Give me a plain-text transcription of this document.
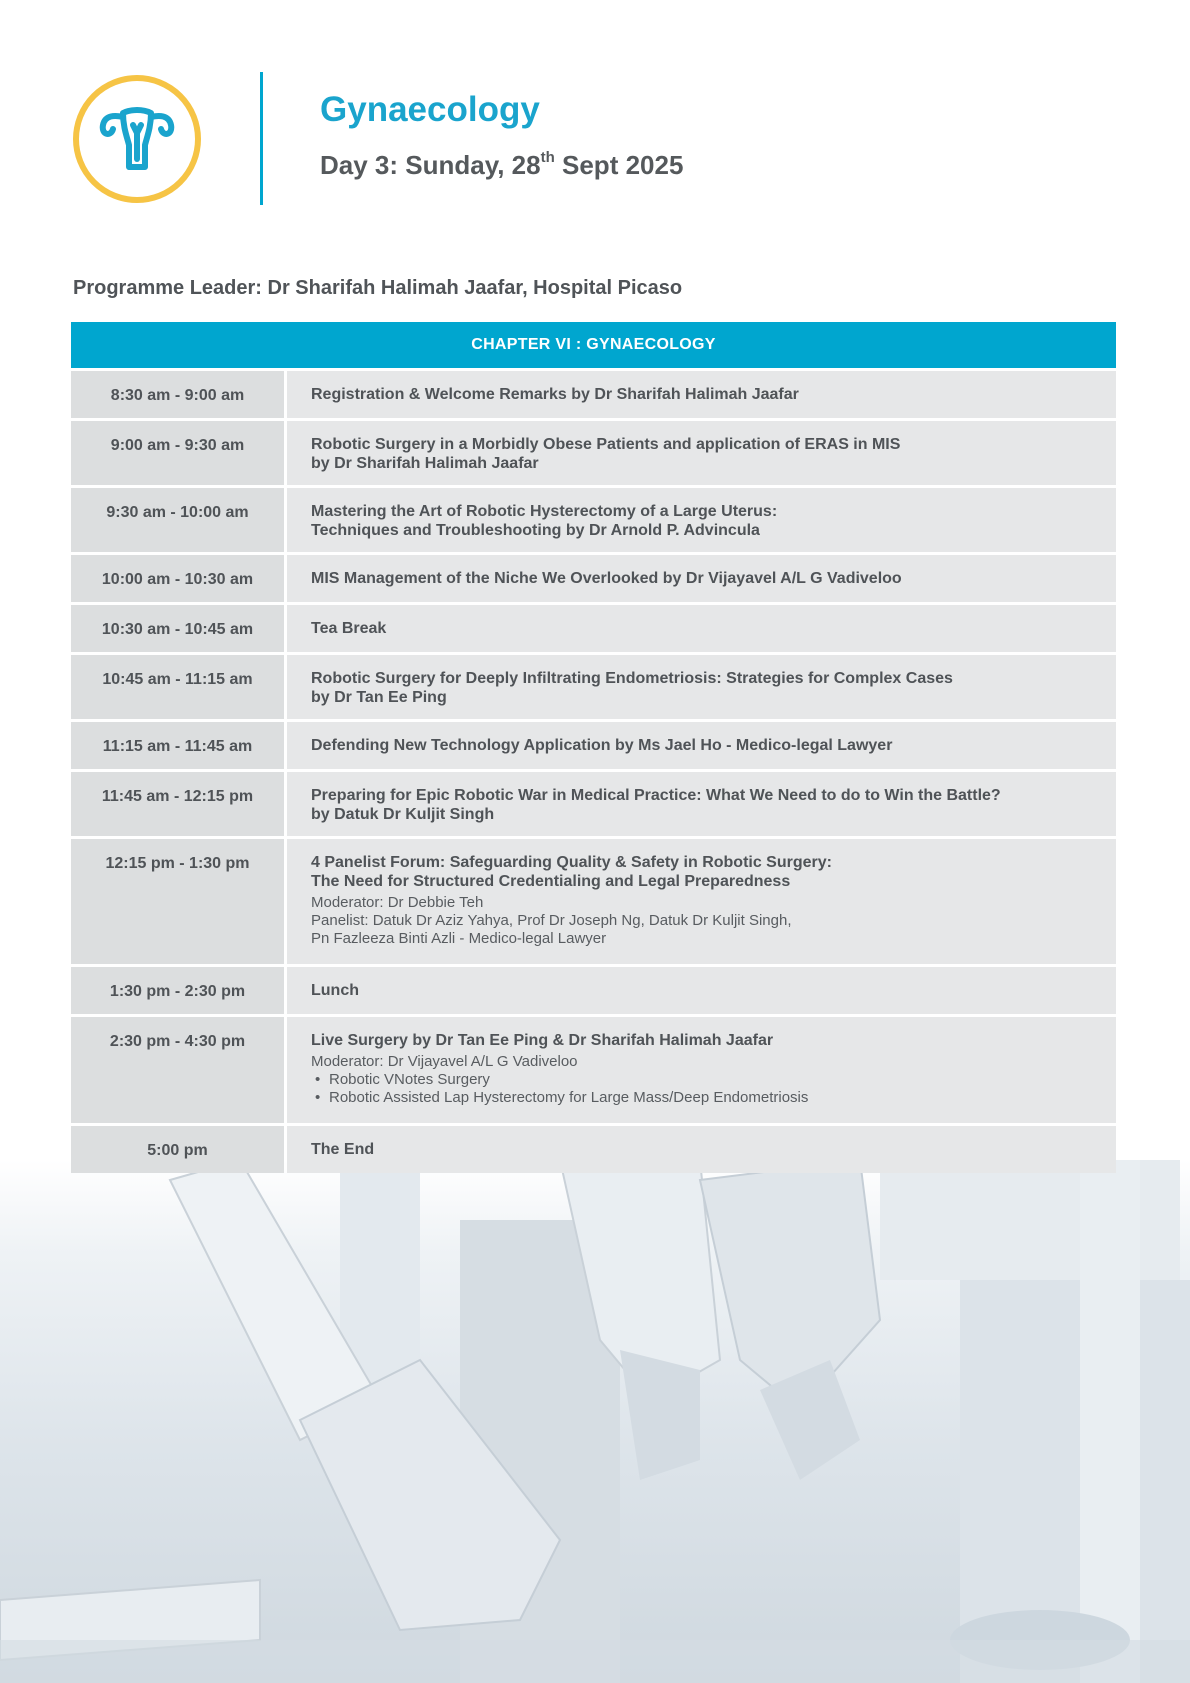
Gynaecology
Day 3: Sunday, 28th Sept 2025
Programme Leader: Dr Sharifah Halimah Jaafar, Hospital Picaso
CHAPTER VI : GYNAECOLOGY
8:30 am - 9:00 am	Registration & Welcome Remarks by Dr Sharifah Halimah Jaafar
9:00 am - 9:30 am	Robotic Surgery in a Morbidly Obese Patients and application of ERAS in MIS
by Dr Sharifah Halimah Jaafar
9:30 am - 10:00 am	Mastering the Art of Robotic Hysterectomy of a Large Uterus:
Techniques and Troubleshooting by Dr Arnold P. Advincula
10:00 am - 10:30 am	MIS Management of the Niche We Overlooked by Dr Vijayavel A/L G Vadiveloo
10:30 am - 10:45 am	Tea Break
10:45 am - 11:15 am	Robotic Surgery for Deeply Infiltrating Endometriosis: Strategies for Complex Cases
by Dr Tan Ee Ping
11:15 am - 11:45 am	Defending New Technology Application by Ms Jael Ho - Medico-legal Lawyer
11:45 am - 12:15 pm	Preparing for Epic Robotic War in Medical Practice: What We Need to do to Win the Battle?
by Datuk Dr Kuljit Singh
12:15 pm - 1:30 pm	4 Panelist Forum: Safeguarding Quality & Safety in Robotic Surgery:
The Need for Structured Credentialing and Legal Preparedness
Moderator: Dr Debbie Teh
Panelist: Datuk Dr Aziz Yahya, Prof Dr Joseph Ng, Datuk Dr Kuljit Singh,
Pn Fazleeza Binti Azli - Medico-legal Lawyer
1:30 pm - 2:30 pm	Lunch
2:30 pm - 4:30 pm	Live Surgery by Dr Tan Ee Ping & Dr Sharifah Halimah Jaafar
Moderator: Dr Vijayavel A/L G Vadiveloo
• Robotic VNotes Surgery
• Robotic Assisted Lap Hysterectomy for Large Mass/Deep Endometriosis
5:00 pm	The End
